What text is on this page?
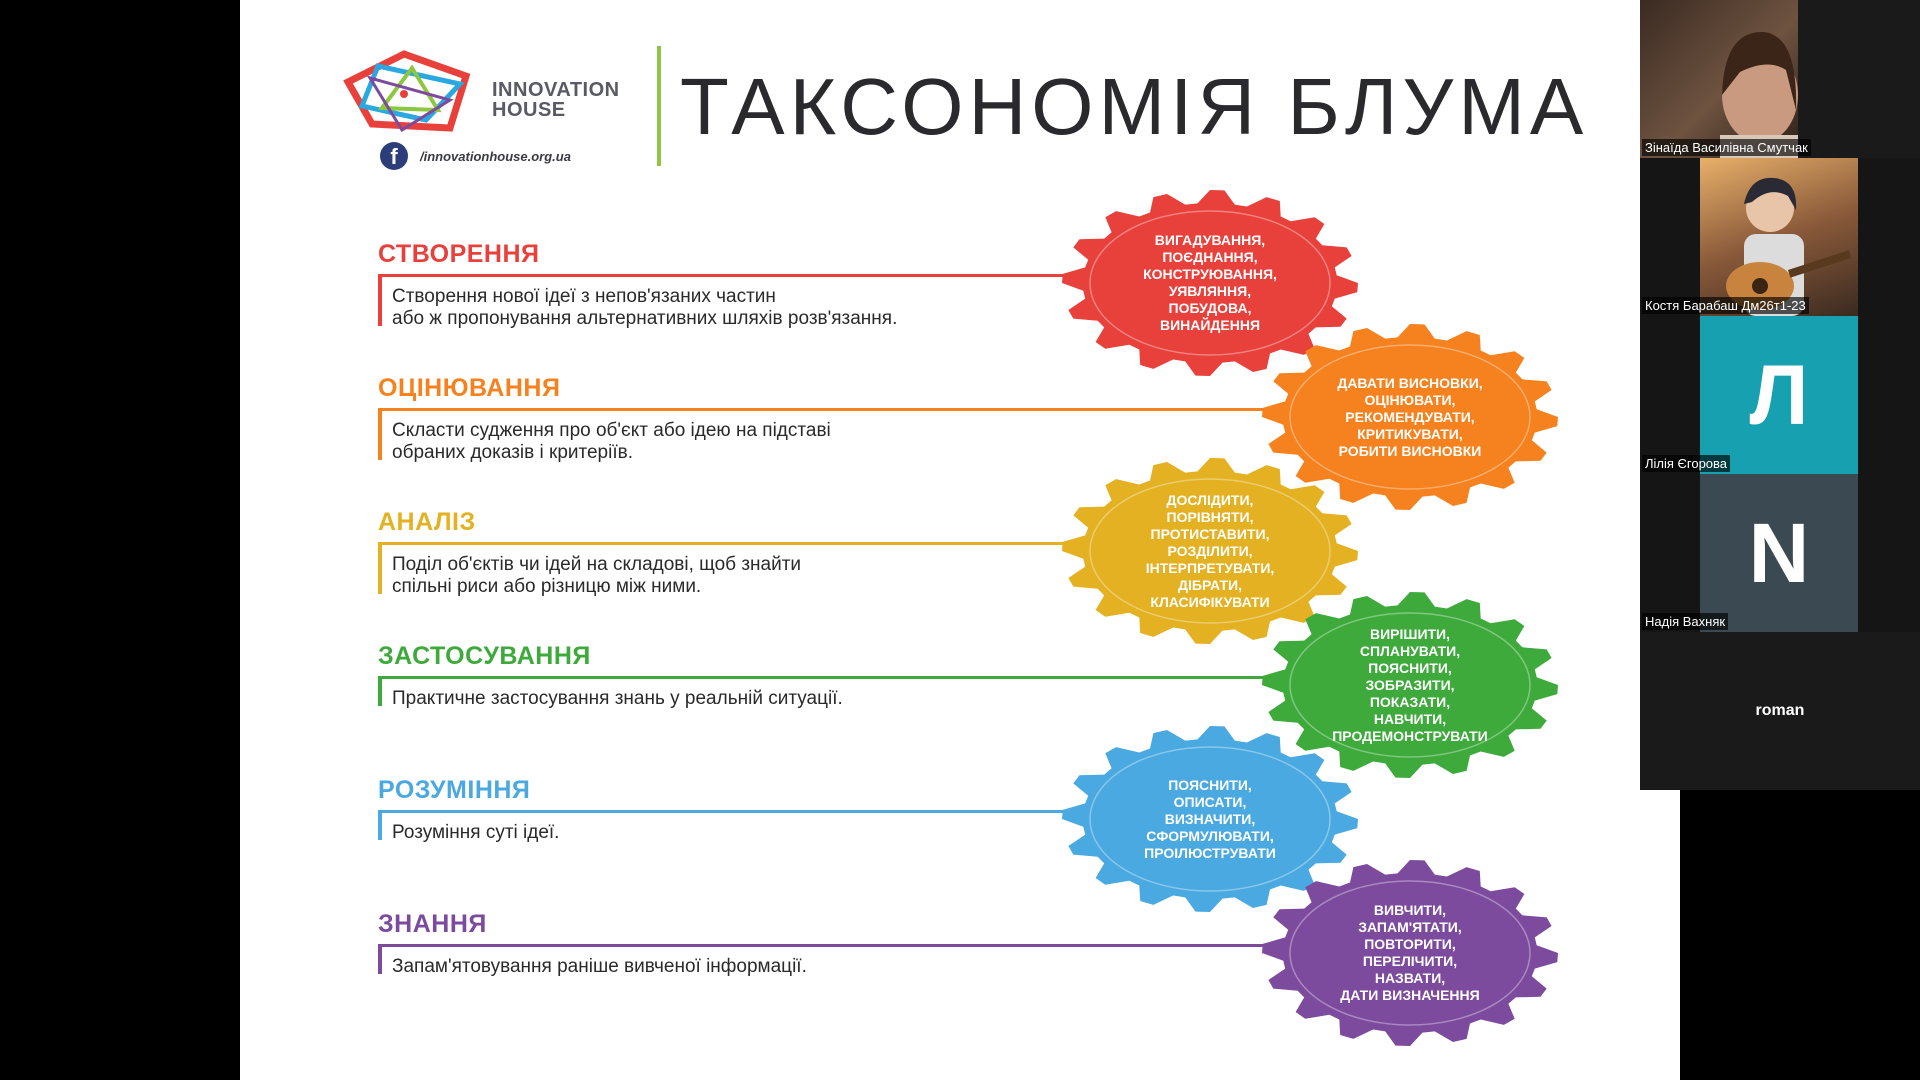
INNOVATION
HOUSE
f	/innovationhouse.org.ua
ТАКСОНОМІЯ БЛУМА
СТВОРЕННЯ
Створення нової ідеї з непов'язаних частин
або ж пропонування альтернативних шляхів розв'язання.
ВИГАДУВАННЯ,
ПОЄДНАННЯ,
КОНСТРУЮВАННЯ,
УЯВЛЯННЯ,
ПОБУДОВА,
ВИНАЙДЕННЯ
ОЦІНЮВАННЯ
Скласти судження про об'єкт або ідею на підставі
обраних доказів і критеріїв.
ДАВАТИ ВИСНОВКИ,
ОЦІНЮВАТИ,
РЕКОМЕНДУВАТИ,
КРИТИКУВАТИ,
РОБИТИ ВИСНОВКИ
АНАЛІЗ
Поділ об'єктів чи ідей на складові, щоб знайти
спільні риси або різницю між ними.
ДОСЛІДИТИ,
ПОРІВНЯТИ,
ПРОТИСТАВИТИ,
РОЗДІЛИТИ,
ІНТЕРПРЕТУВАТИ,
ДІБРАТИ,
КЛАСИФІКУВАТИ
ЗАСТОСУВАННЯ
Практичне застосування знань у реальній ситуації.
ВИРІШИТИ,
СПЛАНУВАТИ,
ПОЯСНИТИ,
ЗОБРАЗИТИ,
ПОКАЗАТИ,
НАВЧИТИ,
ПРОДЕМОНСТРУВАТИ
РОЗУМІННЯ
Розуміння суті ідеї.
ПОЯСНИТИ,
ОПИСАТИ,
ВИЗНАЧИТИ,
СФОРМУЛЮВАТИ,
ПРОІЛЮСТРУВАТИ
ЗНАННЯ
Запам'ятовування раніше вивченої інформації.
ВИВЧИТИ,
ЗАПАМ'ЯТАТИ,
ПОВТОРИТИ,
ПЕРЕЛІЧИТИ,
НАЗВАТИ,
ДАТИ ВИЗНАЧЕННЯ
Зінаїда Василівна Смутчак
Костя Барабаш Дм26т1-23
Л
Лілія Єгорова
N
Надія Вахняк
roman
